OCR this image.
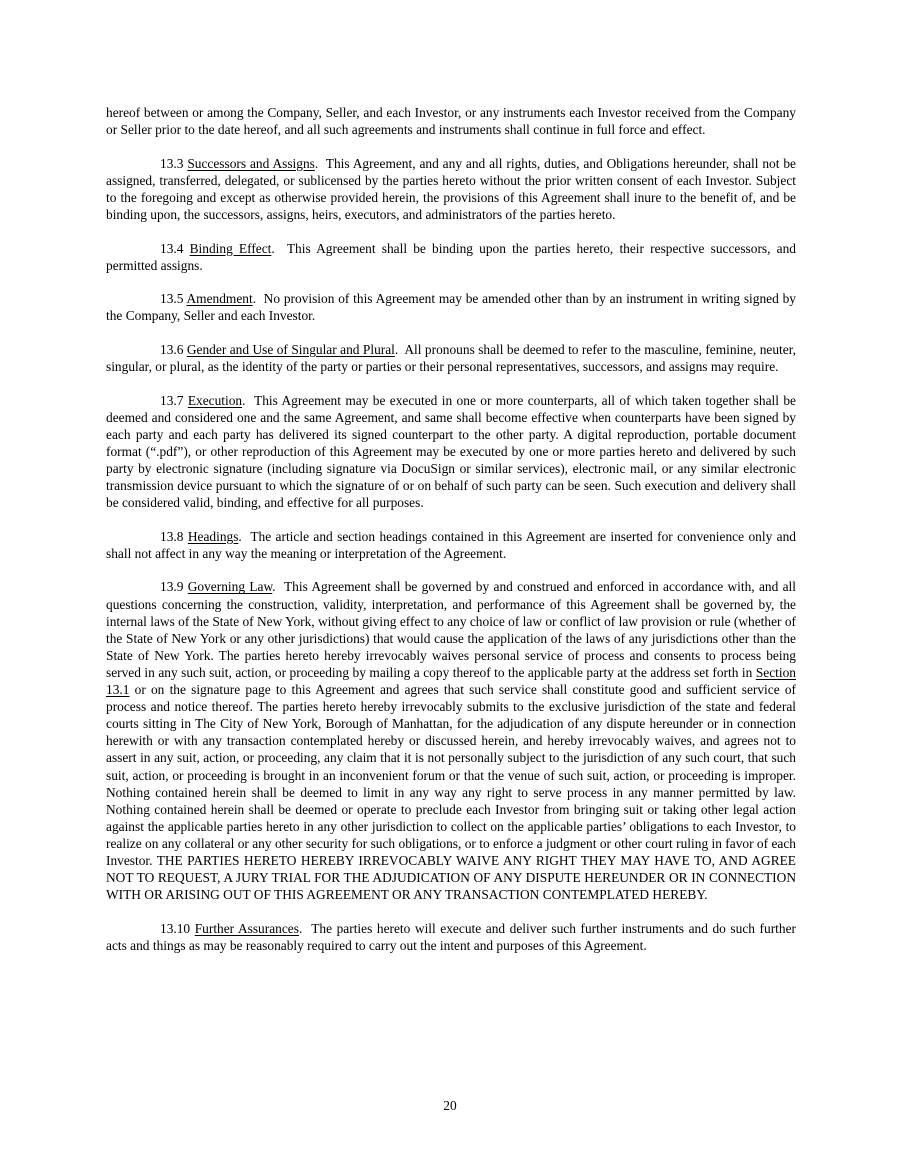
hereof between or among the Company, Seller, and each Investor, or any instruments each Investor received from the Company or Seller prior to the date hereof, and all such agreements and instruments shall continue in full force and effect.

13.3 Successors and Assigns. This Agreement, and any and all rights, duties, and Obligations hereunder, shall not be assigned, transferred, delegated, or sublicensed by the parties hereto without the prior written consent of each Investor. Subject to the foregoing and except as otherwise provided herein, the provisions of this Agreement shall inure to the benefit of, and be binding upon, the successors, assigns, heirs, executors, and administrators of the parties hereto.

13.4 Binding Effect. This Agreement shall be binding upon the parties hereto, their respective successors, and permitted assigns.

13.5 Amendment. No provision of this Agreement may be amended other than by an instrument in writing signed by the Company, Seller and each Investor.

13.6 Gender and Use of Singular and Plural. All pronouns shall be deemed to refer to the masculine, feminine, neuter, singular, or plural, as the identity of the party or parties or their personal representatives, successors, and assigns may require.

13.7 Execution. This Agreement may be executed in one or more counterparts, all of which taken together shall be deemed and considered one and the same Agreement, and same shall become effective when counterparts have been signed by each party and each party has delivered its signed counterpart to the other party. A digital reproduction, portable document format (“.pdf”), or other reproduction of this Agreement may be executed by one or more parties hereto and delivered by such party by electronic signature (including signature via DocuSign or similar services), electronic mail, or any similar electronic transmission device pursuant to which the signature of or on behalf of such party can be seen. Such execution and delivery shall be considered valid, binding, and effective for all purposes.

13.8 Headings. The article and section headings contained in this Agreement are inserted for convenience only and shall not affect in any way the meaning or interpretation of the Agreement.

13.9 Governing Law. This Agreement shall be governed by and construed and enforced in accordance with, and all questions concerning the construction, validity, interpretation, and performance of this Agreement shall be governed by, the internal laws of the State of New York, without giving effect to any choice of law or conflict of law provision or rule (whether of the State of New York or any other jurisdictions) that would cause the application of the laws of any jurisdictions other than the State of New York. The parties hereto hereby irrevocably waives personal service of process and consents to process being served in any such suit, action, or proceeding by mailing a copy thereof to the applicable party at the address set forth in Section 13.1 or on the signature page to this Agreement and agrees that such service shall constitute good and sufficient service of process and notice thereof. The parties hereto hereby irrevocably submits to the exclusive jurisdiction of the state and federal courts sitting in The City of New York, Borough of Manhattan, for the adjudication of any dispute hereunder or in connection herewith or with any transaction contemplated hereby or discussed herein, and hereby irrevocably waives, and agrees not to assert in any suit, action, or proceeding, any claim that it is not personally subject to the jurisdiction of any such court, that such suit, action, or proceeding is brought in an inconvenient forum or that the venue of such suit, action, or proceeding is improper. Nothing contained herein shall be deemed to limit in any way any right to serve process in any manner permitted by law. Nothing contained herein shall be deemed or operate to preclude each Investor from bringing suit or taking other legal action against the applicable parties hereto in any other jurisdiction to collect on the applicable parties’ obligations to each Investor, to realize on any collateral or any other security for such obligations, or to enforce a judgment or other court ruling in favor of each Investor. THE PARTIES HERETO HEREBY IRREVOCABLY WAIVE ANY RIGHT THEY MAY HAVE TO, AND AGREE NOT TO REQUEST, A JURY TRIAL FOR THE ADJUDICATION OF ANY DISPUTE HEREUNDER OR IN CONNECTION WITH OR ARISING OUT OF THIS AGREEMENT OR ANY TRANSACTION CONTEMPLATED HEREBY.

13.10 Further Assurances. The parties hereto will execute and deliver such further instruments and do such further acts and things as may be reasonably required to carry out the intent and purposes of this Agreement.

20
